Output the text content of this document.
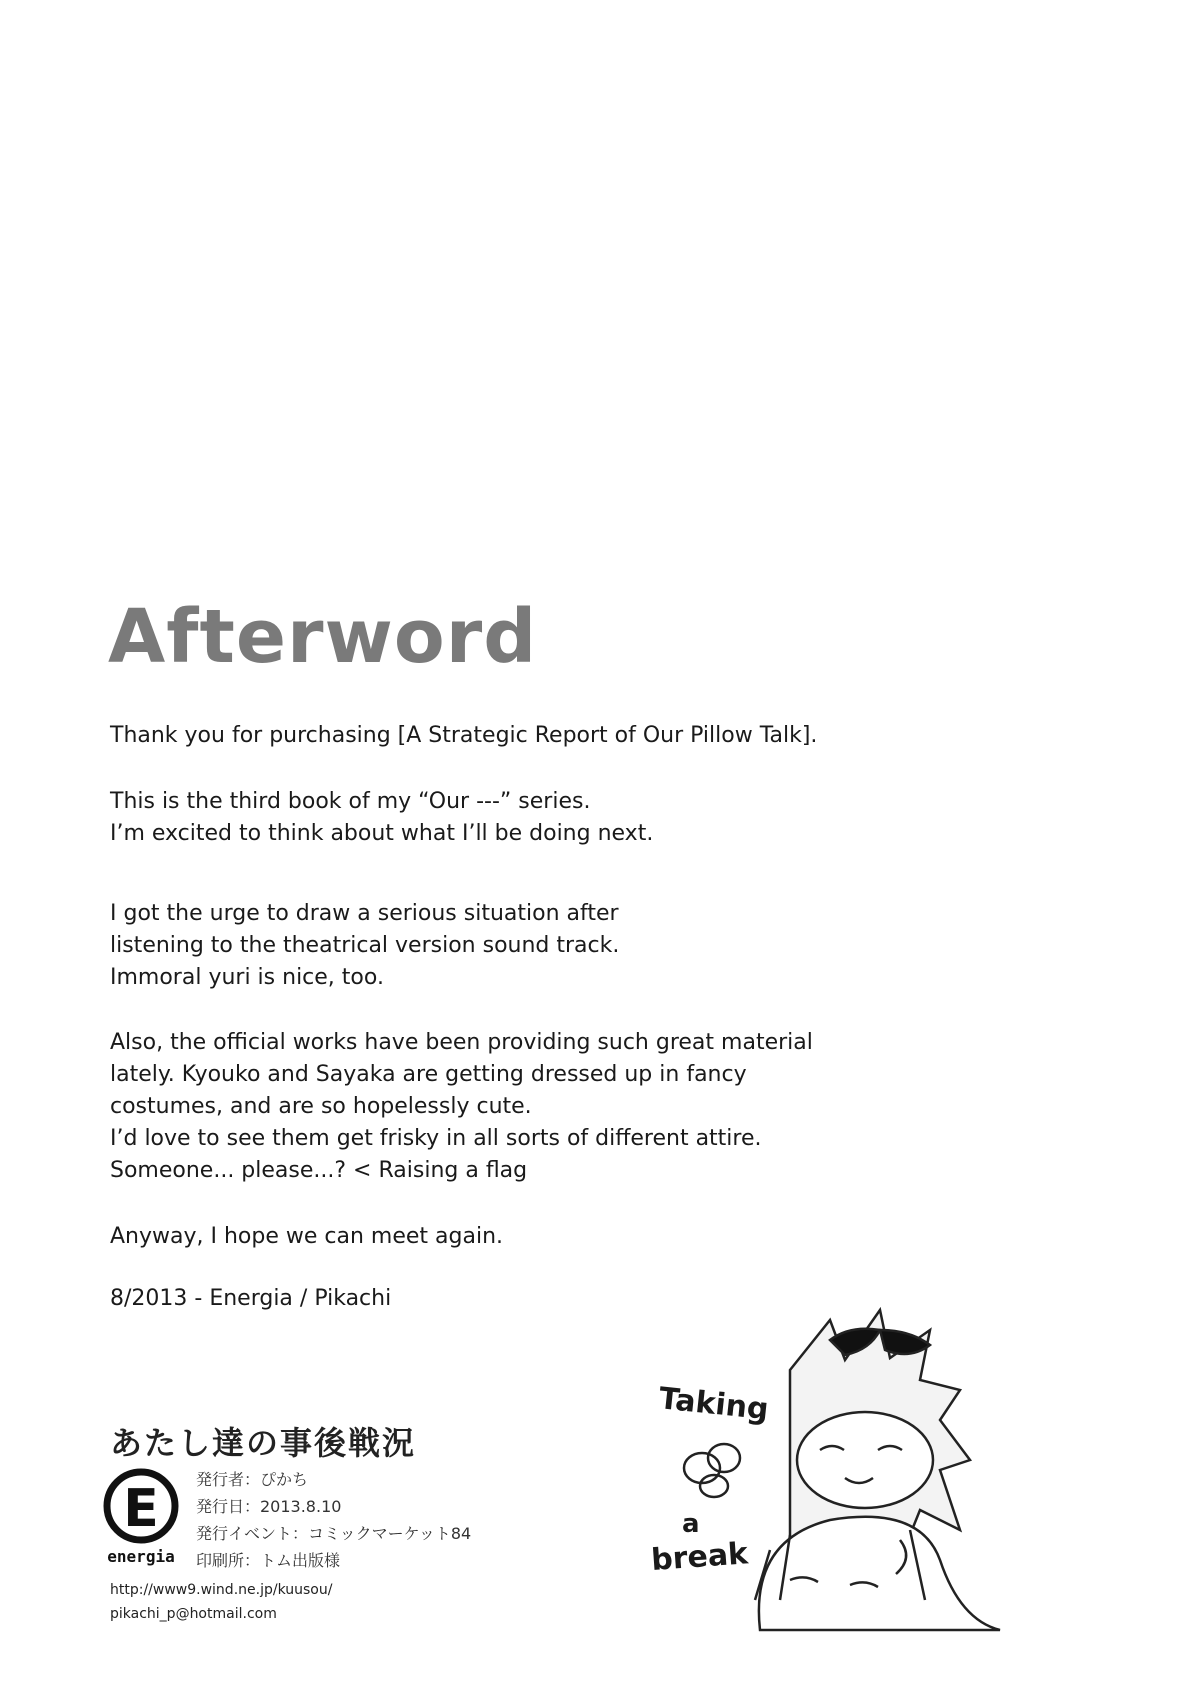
Afterword
Thank you for purchasing [A Strategic Report of Our Pillow Talk].
This is the third book of my “Our ---” series.
I’m excited to think about what I’ll be doing next.
I got the urge to draw a serious situation after
listening to the theatrical version sound track.
Immoral yuri is nice, too.
Also, the official works have been providing such great material
lately. Kyouko and Sayaka are getting dressed up in fancy
costumes, and are so hopelessly cute.
I’d love to see them get frisky in all sorts of different attire.
Someone... please...? < Raising a flag
Anyway, I hope we can meet again.
8/2013 - Energia / Pikachi
あたし達の事後戦況
E
energia
発行者：ぴかち
発行日：2013.8.10
発行イベント：コミックマーケット84
印刷所：トム出版様
http://www9.wind.ne.jp/kuusou/
pikachi_p@hotmail.com
Taking
a
break
